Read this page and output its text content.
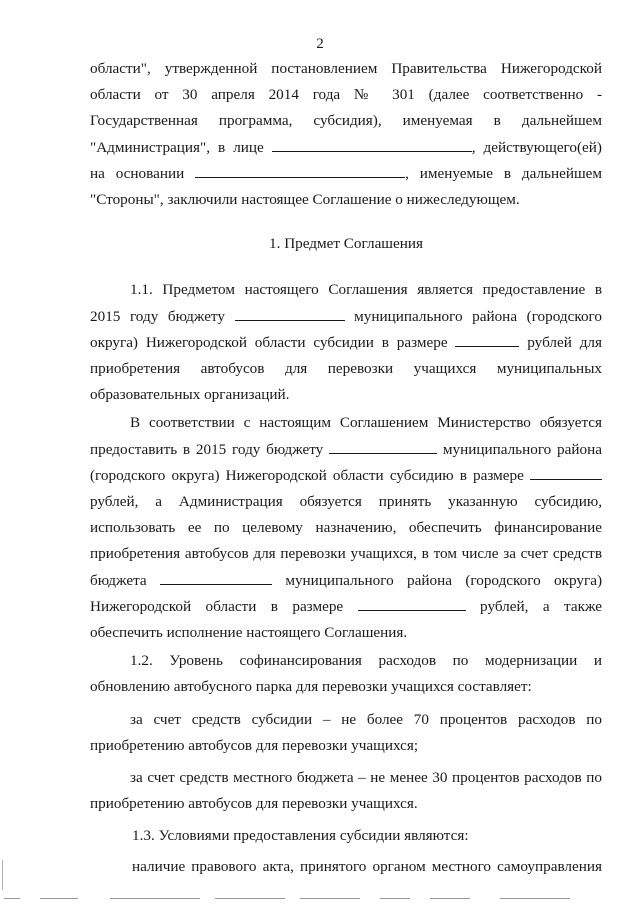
2
области", утвержденной постановлением Правительства Нижегородской
области от 30 апреля 2014 года № 301 (далее соответственно -
Государственная программа, субсидия), именуемая в дальнейшем
"Администрация", в лице	, действующего(ей)
на основании	, именуемые в дальнейшем
"Стороны", заключили настоящее Соглашение о нижеследующем.
1. Предмет Соглашения
1.1. Предметом настоящего Соглашения является предоставление в
2015 году бюджету	муниципального района (городского
округа) Нижегородской области субсидии в размере	рублей для
приобретения автобусов для перевозки учащихся муниципальных
образовательных организаций.
В соответствии с настоящим Соглашением Министерство обязуется
предоставить в 2015 году бюджету	муниципального района
(городского округа) Нижегородской области субсидию в размере
рублей, а Администрация обязуется принять указанную субсидию,
использовать ее по целевому назначению, обеспечить финансирование
приобретения автобусов для перевозки учащихся, в том числе за счет средств
бюджета	муниципального района (городского округа)
Нижегородской области в размере	рублей, а также
обеспечить исполнение настоящего Соглашения.
1.2. Уровень софинансирования расходов по модернизации и
обновлению автобусного парка для перевозки учащихся составляет:
за счет средств субсидии – не более 70 процентов расходов по
приобретению автобусов для перевозки учащихся;
за счет средств местного бюджета – не менее 30 процентов расходов по
приобретению автобусов для перевозки учащихся.
1.3. Условиями предоставления субсидии являются:
наличие правового акта, принятого органом местного самоуправления
